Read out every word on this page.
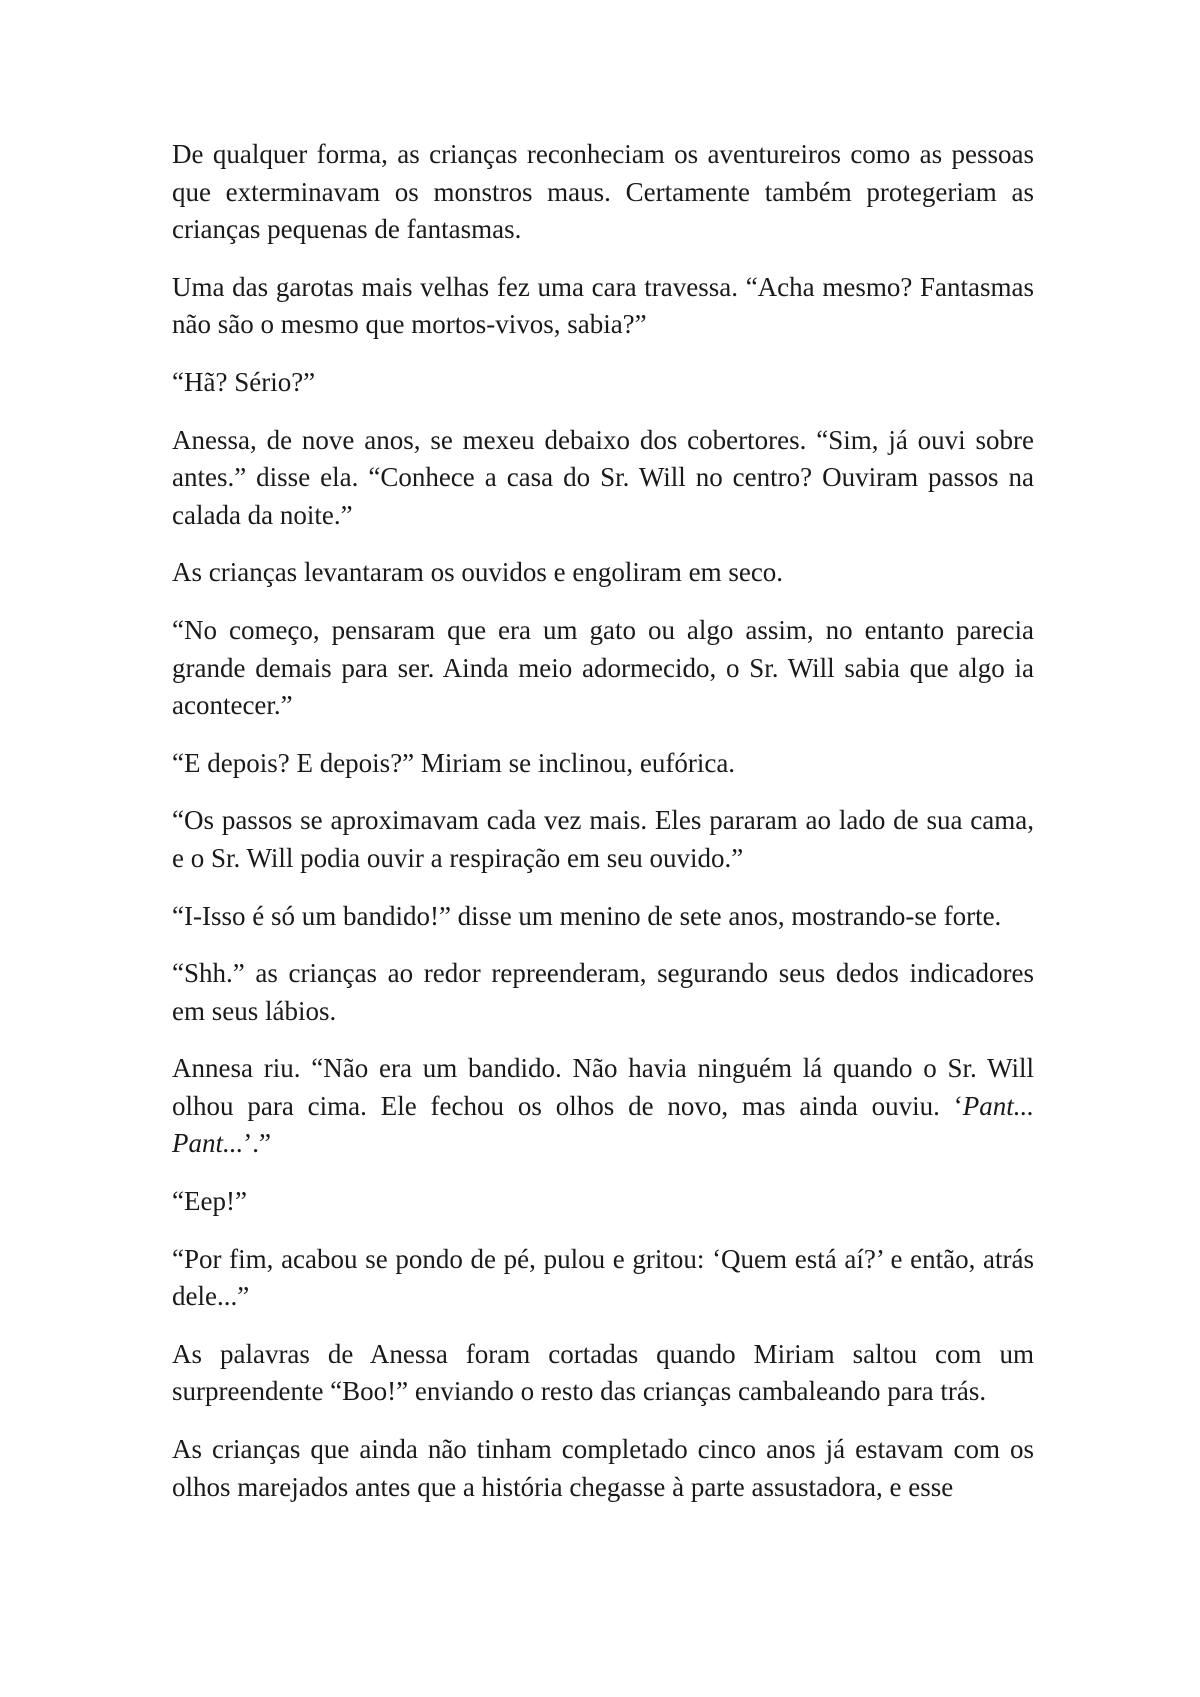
De qualquer forma, as crianças reconheciam os aventureiros como as pessoas que exterminavam os monstros maus. Certamente também protegeriam as crianças pequenas de fantasmas.

Uma das garotas mais velhas fez uma cara travessa. “Acha mesmo? Fantasmas não são o mesmo que mortos-vivos, sabia?”

“Hã? Sério?”

Anessa, de nove anos, se mexeu debaixo dos cobertores. “Sim, já ouvi sobre antes.” disse ela. “Conhece a casa do Sr. Will no centro? Ouviram passos na calada da noite.”

As crianças levantaram os ouvidos e engoliram em seco.

“No começo, pensaram que era um gato ou algo assim, no entanto parecia grande demais para ser. Ainda meio adormecido, o Sr. Will sabia que algo ia acontecer.”

“E depois? E depois?” Miriam se inclinou, eufórica.

“Os passos se aproximavam cada vez mais. Eles pararam ao lado de sua cama, e o Sr. Will podia ouvir a respiração em seu ouvido.”

“I-Isso é só um bandido!” disse um menino de sete anos, mostrando-se forte.

“Shh.” as crianças ao redor repreenderam, segurando seus dedos indicadores em seus lábios.

Annesa riu. “Não era um bandido. Não havia ninguém lá quando o Sr. Will olhou para cima. Ele fechou os olhos de novo, mas ainda ouviu. ‘Pant... Pant...’.”

“Eep!”

“Por fim, acabou se pondo de pé, pulou e gritou: ‘Quem está aí?’ e então, atrás dele...”

As palavras de Anessa foram cortadas quando Miriam saltou com um surpreendente “Boo!” enviando o resto das crianças cambaleando para trás.

As crianças que ainda não tinham completado cinco anos já estavam com os olhos marejados antes que a história chegasse à parte assustadora, e esse
